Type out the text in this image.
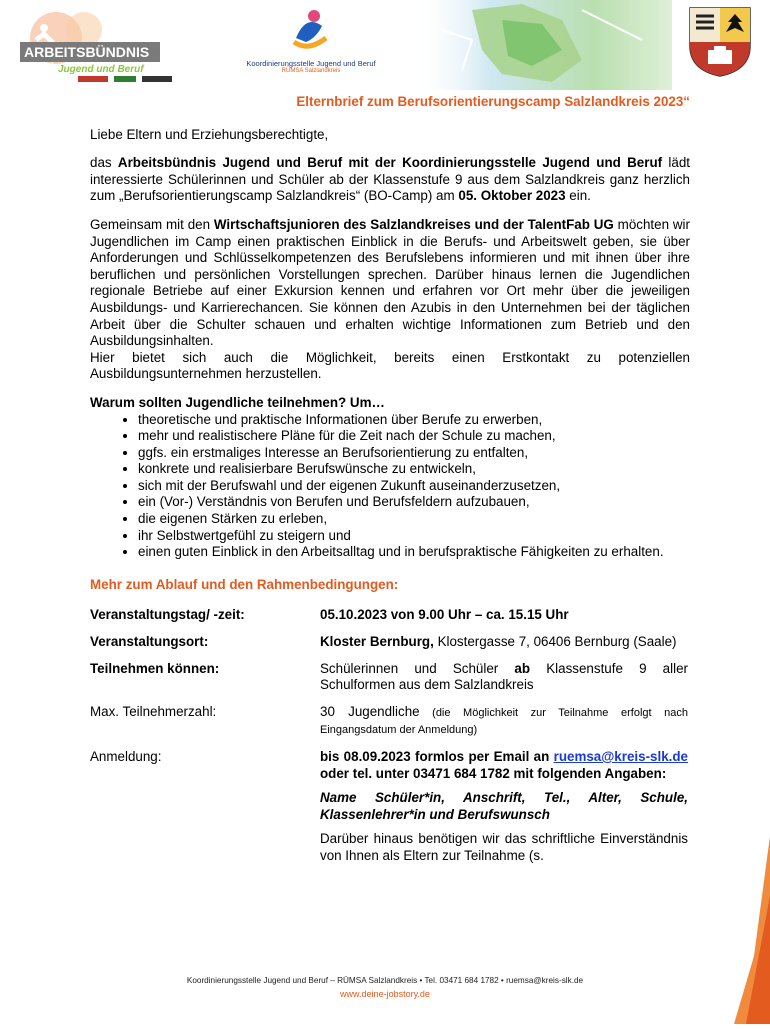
ARBEITSBÜNDNIS
Jugend und Beruf
Koordinierungsstelle Jugend und Beruf
RÜMSA Salzlandkreis
Elternbrief zum Berufsorientierungscamp Salzlandkreis 2023“

Liebe Eltern und Erziehungsberechtigte,

das Arbeitsbündnis Jugend und Beruf mit der Koordinierungsstelle Jugend und Beruf lädt interessierte Schülerinnen und Schüler ab der Klassenstufe 9 aus dem Salzlandkreis ganz herzlich zum „Berufsorientierungscamp Salzlandkreis“ (BO-Camp) am 05. Oktober 2023 ein.

Gemeinsam mit den Wirtschaftsjunioren des Salzlandkreises und der TalentFab UG möchten wir Jugendlichen im Camp einen praktischen Einblick in die Berufs- und Arbeitswelt geben, sie über Anforderungen und Schlüsselkompetenzen des Berufslebens informieren und mit ihnen über ihre beruflichen und persönlichen Vorstellungen sprechen. Darüber hinaus lernen die Jugendlichen regionale Betriebe auf einer Exkursion kennen und erfahren vor Ort mehr über die jeweiligen Ausbildungs- und Karrierechancen. Sie können den Azubis in den Unternehmen bei der täglichen Arbeit über die Schulter schauen und erhalten wichtige Informationen zum Betrieb und den Ausbildungsinhalten.

Hier bietet sich auch die Möglichkeit, bereits einen Erstkontakt zu potenziellen Ausbildungsunternehmen herzustellen.

Warum sollten Jugendliche teilnehmen? Um…
• theoretische und praktische Informationen über Berufe zu erwerben,
• mehr und realistischere Pläne für die Zeit nach der Schule zu machen,
• ggfs. ein erstmaliges Interesse an Berufsorientierung zu entfalten,
• konkrete und realisierbare Berufswünsche zu entwickeln,
• sich mit der Berufswahl und der eigenen Zukunft auseinanderzusetzen,
• ein (Vor-) Verständnis von Berufen und Berufsfeldern aufzubauen,
• die eigenen Stärken zu erleben,
• ihr Selbstwertgefühl zu steigern und
• einen guten Einblick in den Arbeitsalltag und in berufspraktische Fähigkeiten zu erhalten.
Mehr zum Ablauf und den Rahmenbedingungen:
Veranstaltungstag/ -zeit:	05.10.2023 von 9.00 Uhr – ca. 15.15 Uhr
Veranstaltungsort:	Kloster Bernburg, Klostergasse 7, 06406 Bernburg (Saale)
Teilnehmen können:	Schülerinnen und Schüler ab Klassenstufe 9 aller Schulformen aus dem Salzlandkreis
Max. Teilnehmerzahl:	30 Jugendliche (die Möglichkeit zur Teilnahme erfolgt nach Eingangsdatum der Anmeldung)
Anmeldung:	bis 08.09.2023 formlos per Email an ruemsa@kreis-slk.de oder tel. unter 03471 684 1782 mit folgenden Angaben:

Name Schüler*in, Anschrift, Tel., Alter, Schule, Klassenlehrer*in und Berufswunsch

Darüber hinaus benötigen wir das schriftliche Einverständnis von Ihnen als Eltern zur Teilnahme (s.

Koordinierungsstelle Jugend und Beruf – RÜMSA Salzlandkreis • Tel. 03471 684 1782 • ruemsa@kreis-slk.de
www.deine-jobstory.de
